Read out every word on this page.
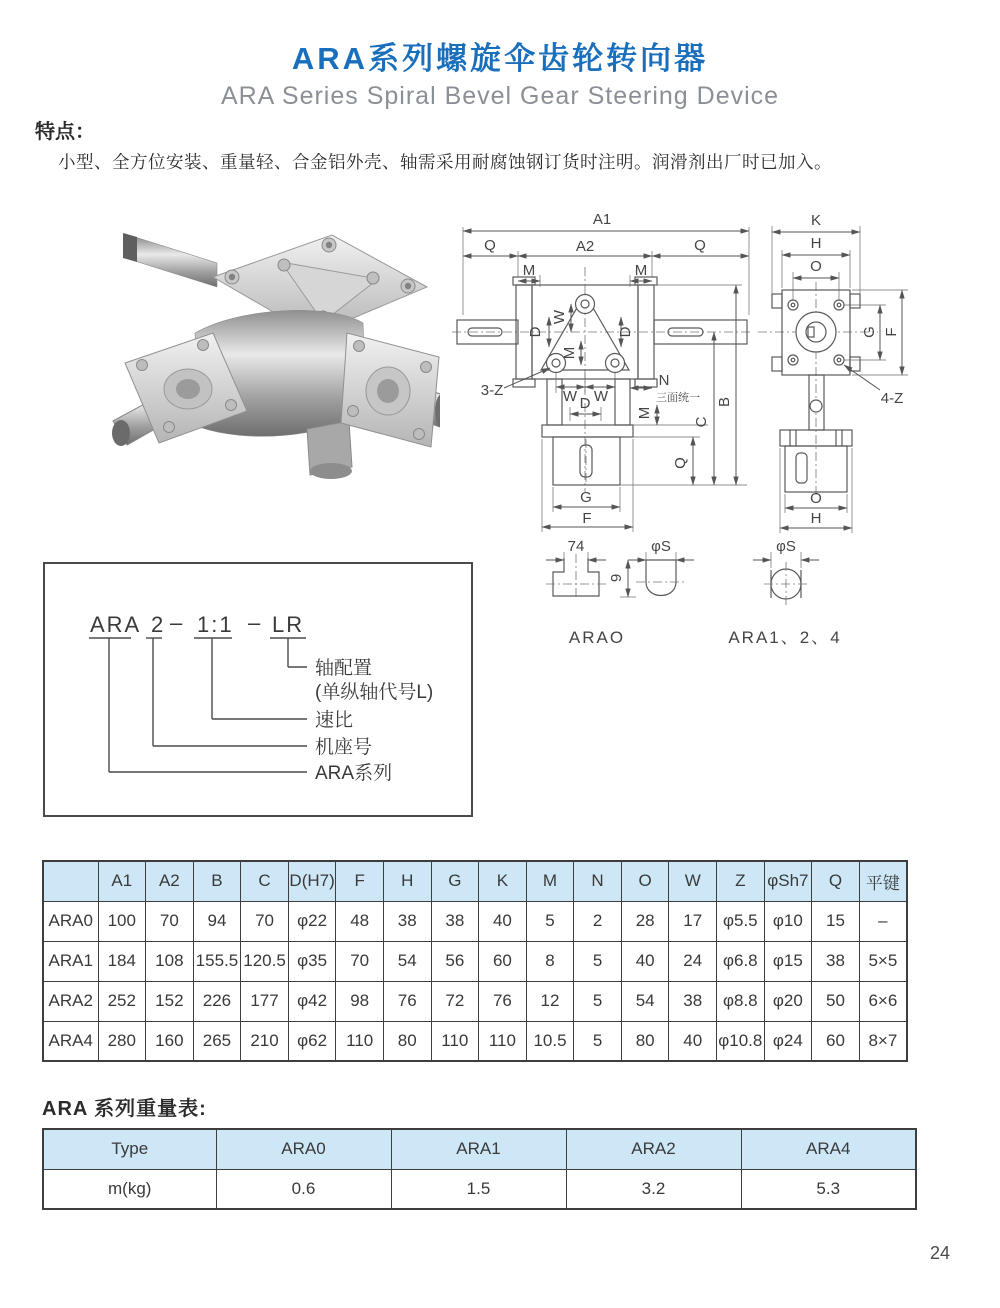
ARA系列螺旋伞齿轮转向器
ARA Series Spiral Bevel Gear Steering Device
特点：
小型、全方位安装、重量轻、合金铝外壳、轴需采用耐腐蚀钢订货时注明。润滑剂出厂时已加入。
A1
Q	A2	Q
M	M
D	D
W
M
W W
3-Z
N
三面统一
M
D
Q
G
F
C
B
K
H
O
G F
4-Z
O
H
74	φS
9
φS
ARAO	ARA1、2、4
ARA 2 – 1:1 – LR
轴配置
(单纵轴代号L)
速比
机座号
ARA系列
	A1	A2	B	C	D(H7)	F	H	G	K	M	N	O	W	Z	φSh7	Q	平键
ARA0	100	70	94	70	φ22	48	38	38	40	5	2	28	17	φ5.5	φ10	15	–
ARA1	184	108	155.5	120.5	φ35	70	54	56	60	8	5	40	24	φ6.8	φ15	38	5×5
ARA2	252	152	226	177	φ42	98	76	72	76	12	5	54	38	φ8.8	φ20	50	6×6
ARA4	280	160	265	210	φ62	110	80	110	110	10.5	5	80	40	φ10.8	φ24	60	8×7
ARA 系列重量表:
Type	ARA0	ARA1	ARA2	ARA4
m(kg)	0.6	1.5	3.2	5.3
24
